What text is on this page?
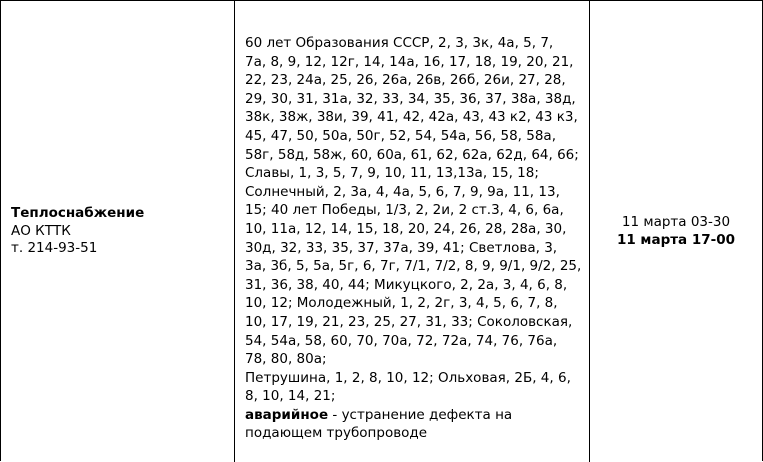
Теплоснабжение
АО КТТК
т. 214-93-51
60 лет Образования СССР, 2, 3, 3к, 4а, 5, 7,
7а, 8, 9, 12, 12г, 14, 14а, 16, 17, 18, 19, 20, 21,
22, 23, 24а, 25, 26, 26а, 26в, 26б, 26и, 27, 28,
29, 30, 31, 31а, 32, 33, 34, 35, 36, 37, 38а, 38д,
38к, 38ж, 38и, 39, 41, 42, 42а, 43, 43 к2, 43 к3,
45, 47, 50, 50а, 50г, 52, 54, 54а, 56, 58, 58а,
58г, 58д, 58ж, 60, 60а, 61, 62, 62а, 62д, 64, 66;
Славы, 1, 3, 5, 7, 9, 10, 11, 13,13а, 15, 18;
Солнечный, 2, 3а, 4, 4а, 5, 6, 7, 9, 9а, 11, 13,
15; 40 лет Победы, 1/3, 2, 2и, 2 ст.3, 4, 6, 6а,
10, 11а, 12, 14, 15, 18, 20, 24, 26, 28, 28а, 30,
30д, 32, 33, 35, 37, 37а, 39, 41; Светлова, 3,
3а, 3б, 5, 5а, 5г, 6, 7г, 7/1, 7/2, 8, 9, 9/1, 9/2, 25,
31, 36, 38, 40, 44; Микуцкого, 2, 2а, 3, 4, 6, 8,
10, 12; Молодежный, 1, 2, 2г, 3, 4, 5, 6, 7, 8,
10, 17, 19, 21, 23, 25, 27, 31, 33; Соколовская,
54, 54а, 58, 60, 70, 70а, 72, 72а, 74, 76, 76а,
78, 80, 80а;
Петрушина, 1, 2, 8, 10, 12; Ольховая, 2Б, 4, 6,
8, 10, 14, 21;
аварийное - устранение дефекта на
подающем трубопроводе
11 марта 03-30
11 марта 17-00
